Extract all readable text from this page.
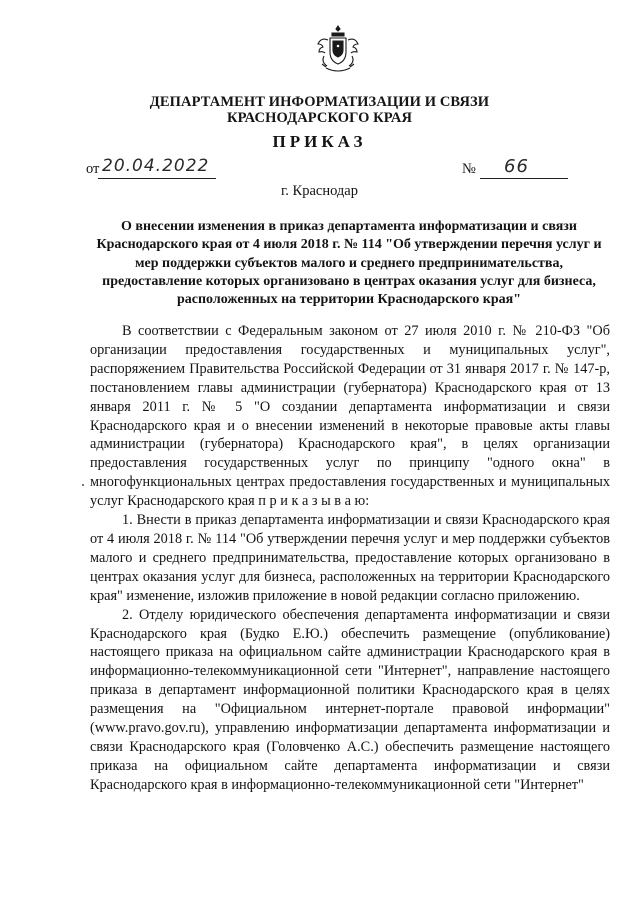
ДЕПАРТАМЕНТ ИНФОРМАТИЗАЦИИ И СВЯЗИ
КРАСНОДАРСКОГО КРАЯ
ПРИКАЗ
от 20.04.2022	№ 66
г. Краснодар
О внесении изменения в приказ департамента информатизации и связи Краснодарского края от 4 июля 2018 г. № 114 "Об утверждении перечня услуг и мер поддержки субъектов малого и среднего предпринимательства, предоставление которых организовано в центрах оказания услуг для бизнеса, расположенных на территории Краснодарского края"

В соответствии с Федеральным законом от 27 июля 2010 г. № 210-ФЗ "Об организации предоставления государственных и муниципальных услуг", распоряжением Правительства Российской Федерации от 31 января 2017 г. № 147-р, постановлением главы администрации (губернатора) Краснодарского края от 13 января 2011 г. № 5 "О создании департамента информатизации и связи Краснодарского края и о внесении изменений в некоторые правовые акты главы администрации (губернатора) Краснодарского края", в целях организации предоставления государственных услуг по принципу "одного окна" в многофункциональных центрах предоставления государственных и муниципальных услуг Краснодарского края п р и к а з ы в а ю:

1. Внести в приказ департамента информатизации и связи Краснодарского края от 4 июля 2018 г. № 114 "Об утверждении перечня услуг и мер поддержки субъектов малого и среднего предпринимательства, предоставление которых организовано в центрах оказания услуг для бизнеса, расположенных на территории Краснодарского края" изменение, изложив приложение в новой редакции согласно приложению.

2. Отделу юридического обеспечения департамента информатизации и связи Краснодарского края (Будко Е.Ю.) обеспечить размещение (опубликование) настоящего приказа на официальном сайте администрации Краснодарского края в информационно-телекоммуникационной сети "Интернет", направление настоящего приказа в департамент информационной политики Краснодарского края в целях размещения на "Официальном интернет-портале правовой информации" (www.pravo.gov.ru), управлению информатизации департамента информатизации и связи Краснодарского края (Головченко А.С.) обеспечить размещение настоящего приказа на официальном сайте департамента информатизации и связи Краснодарского края в информационно-телекоммуникационной сети "Интернет"
